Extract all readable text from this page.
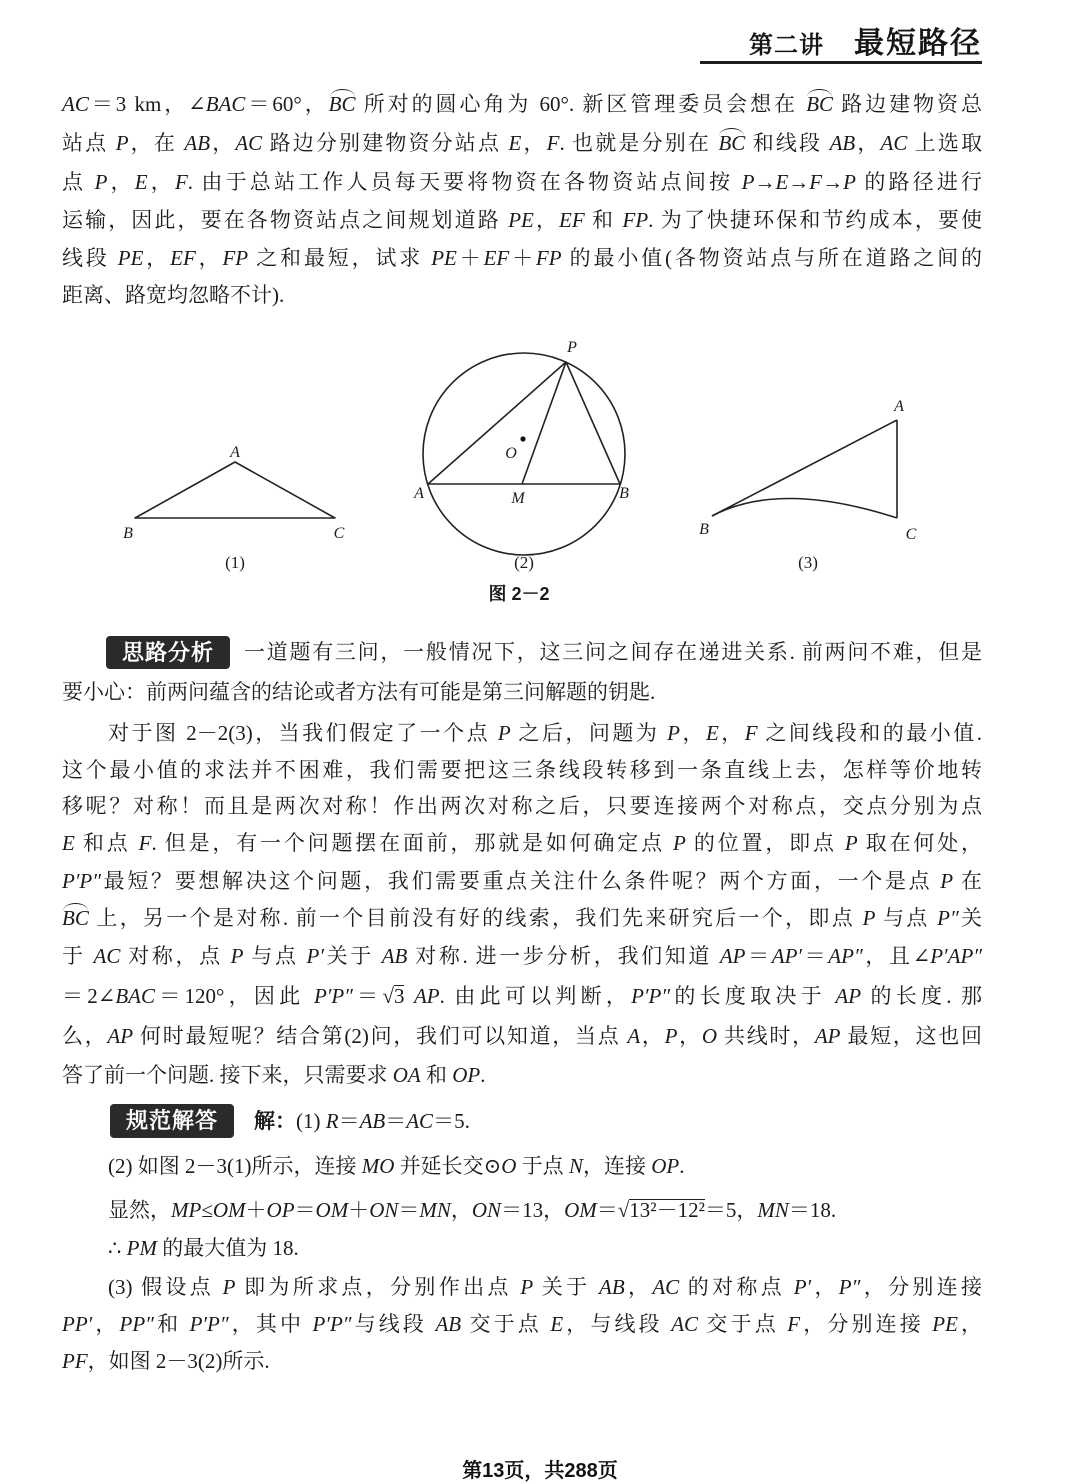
第二讲 最短路径
AC＝3 km，∠BAC＝60°，BC 所对的圆心角为 60°. 新区管理委员会想在 BC 路边建物资总
站点 P，在 AB，AC 路边分别建物资分站点 E，F. 也就是分别在 BC 和线段 AB，AC 上选取
点 P，E，F. 由于总站工作人员每天要将物资在各物资站点间按 P→E→F→P 的路径进行
运输，因此，要在各物资站点之间规划道路 PE，EF 和 FP. 为了快捷环保和节约成本，要使
线段 PE，EF，FP 之和最短，试求 PE＋EF＋FP 的最小值(各物资站点与所在道路之间的
距离、路宽均忽略不计).
A
B	C
(1)
P
O
A	M	B
(2)
A
B	C
(3)
图 2－2
思路分析	一道题有三问，一般情况下，这三问之间存在递进关系. 前两问不难，但是
要小心：前两问蕴含的结论或者方法有可能是第三问解题的钥匙.
对于图 2－2(3)，当我们假定了一个点 P 之后，问题为 P，E，F 之间线段和的最小值.
这个最小值的求法并不困难，我们需要把这三条线段转移到一条直线上去，怎样等价地转
移呢？对称！而且是两次对称！作出两次对称之后，只要连接两个对称点，交点分别为点
E 和点 F. 但是，有一个问题摆在面前，那就是如何确定点 P 的位置，即点 P 取在何处，
P′P″最短？要想解决这个问题，我们需要重点关注什么条件呢？两个方面，一个是点 P 在
BC 上，另一个是对称. 前一个目前没有好的线索，我们先来研究后一个，即点 P 与点 P″关
于 AC 对称，点 P 与点 P′关于 AB 对称. 进一步分析，我们知道 AP＝AP′＝AP″，且∠P′AP″
＝2∠BAC＝120°，因此 P′P″＝√3 AP. 由此可以判断，P′P″的长度取决于 AP 的长度. 那
么，AP 何时最短呢？结合第(2)问，我们可以知道，当点 A，P，O 共线时，AP 最短，这也回
答了前一个问题. 接下来，只需要求 OA 和 OP.
规范解答	解：(1) R＝AB＝AC＝5.
(2) 如图 2－3(1)所示，连接 MO 并延长交⊙O 于点 N，连接 OP.
显然，MP≤OM＋OP＝OM＋ON＝MN，ON＝13，OM＝√13²－12²＝5，MN＝18.
∴ PM 的最大值为 18.
(3) 假设点 P 即为所求点，分别作出点 P 关于 AB，AC 的对称点 P′，P″，分别连接
PP′，PP″和 P′P″，其中 P′P″与线段 AB 交于点 E，与线段 AC 交于点 F，分别连接 PE，
PF，如图 2－3(2)所示.
第13页，共288页
